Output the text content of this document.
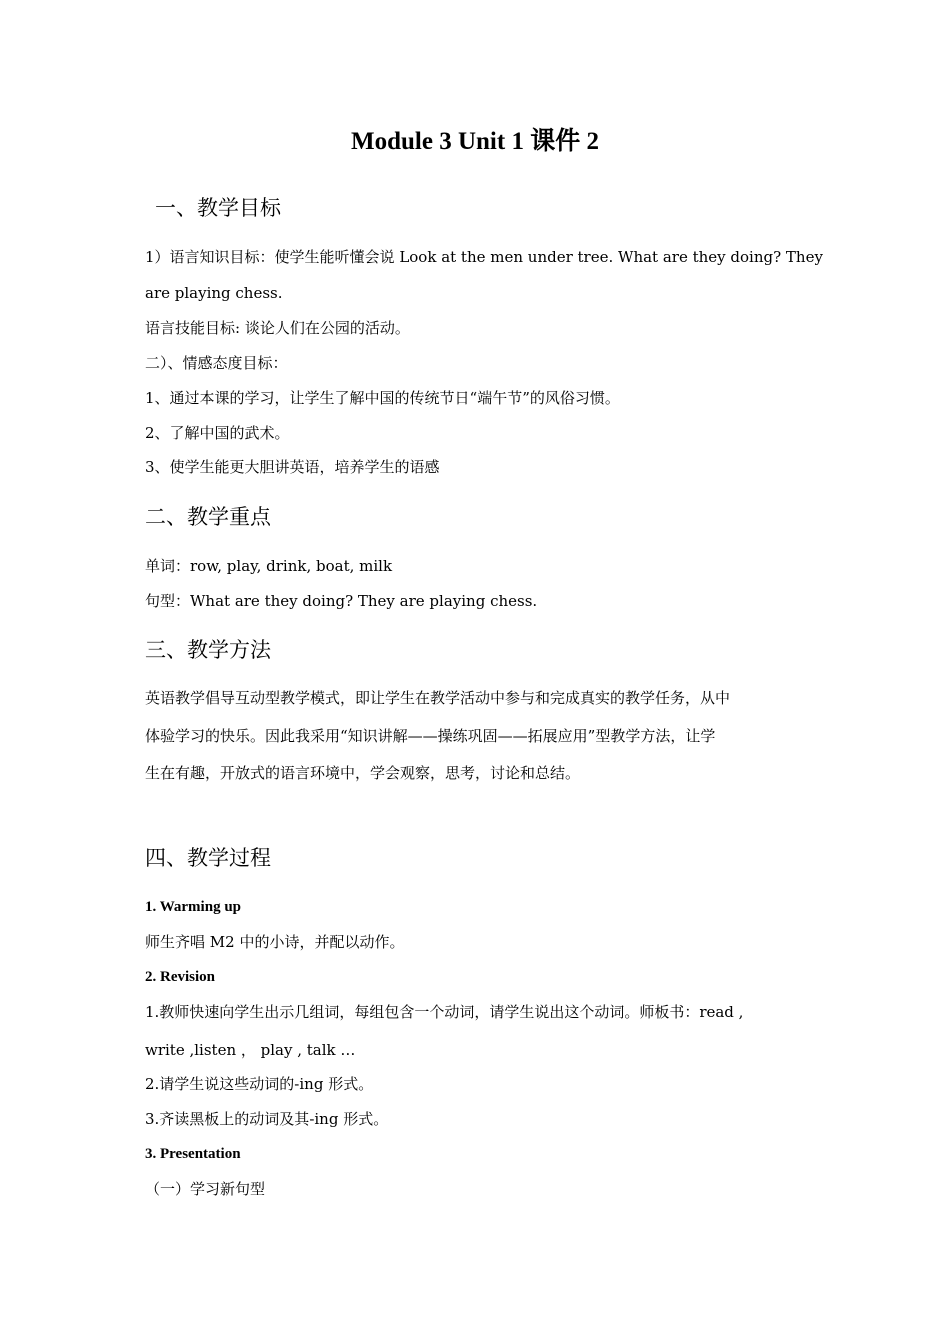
Module 3 Unit 1 课件 2
一、教学目标
1）语言知识目标：使学生能听懂会说 Look at the men under tree. What are they doing? They
are playing chess.
语言技能目标: 谈论人们在公园的活动。
二）、情感态度目标：
1、通过本课的学习，让学生了解中国的传统节日“端午节”的风俗习惯。
2、了解中国的武术。
3、使学生能更大胆讲英语，培养学生的语感
二、教学重点
单词：row, play, drink, boat, milk
句型：What are they doing? They are playing chess.
三、教学方法
英语教学倡导互动型教学模式，即让学生在教学活动中参与和完成真实的教学任务，从中
体验学习的快乐。因此我采用“知识讲解——操练巩固——拓展应用”型教学方法，让学
生在有趣，开放式的语言环境中，学会观察，思考，讨论和总结。
四、教学过程
1. Warming up
师生齐唱 M2 中的小诗，并配以动作。
2. Revision
1.教师快速向学生出示几组词，每组包含一个动词，请学生说出这个动词。师板书：read ,
write ,listen ， play , talk …
2.请学生说这些动词的-ing 形式。
3.齐读黑板上的动词及其-ing 形式。
3. Presentation
（一）学习新句型
